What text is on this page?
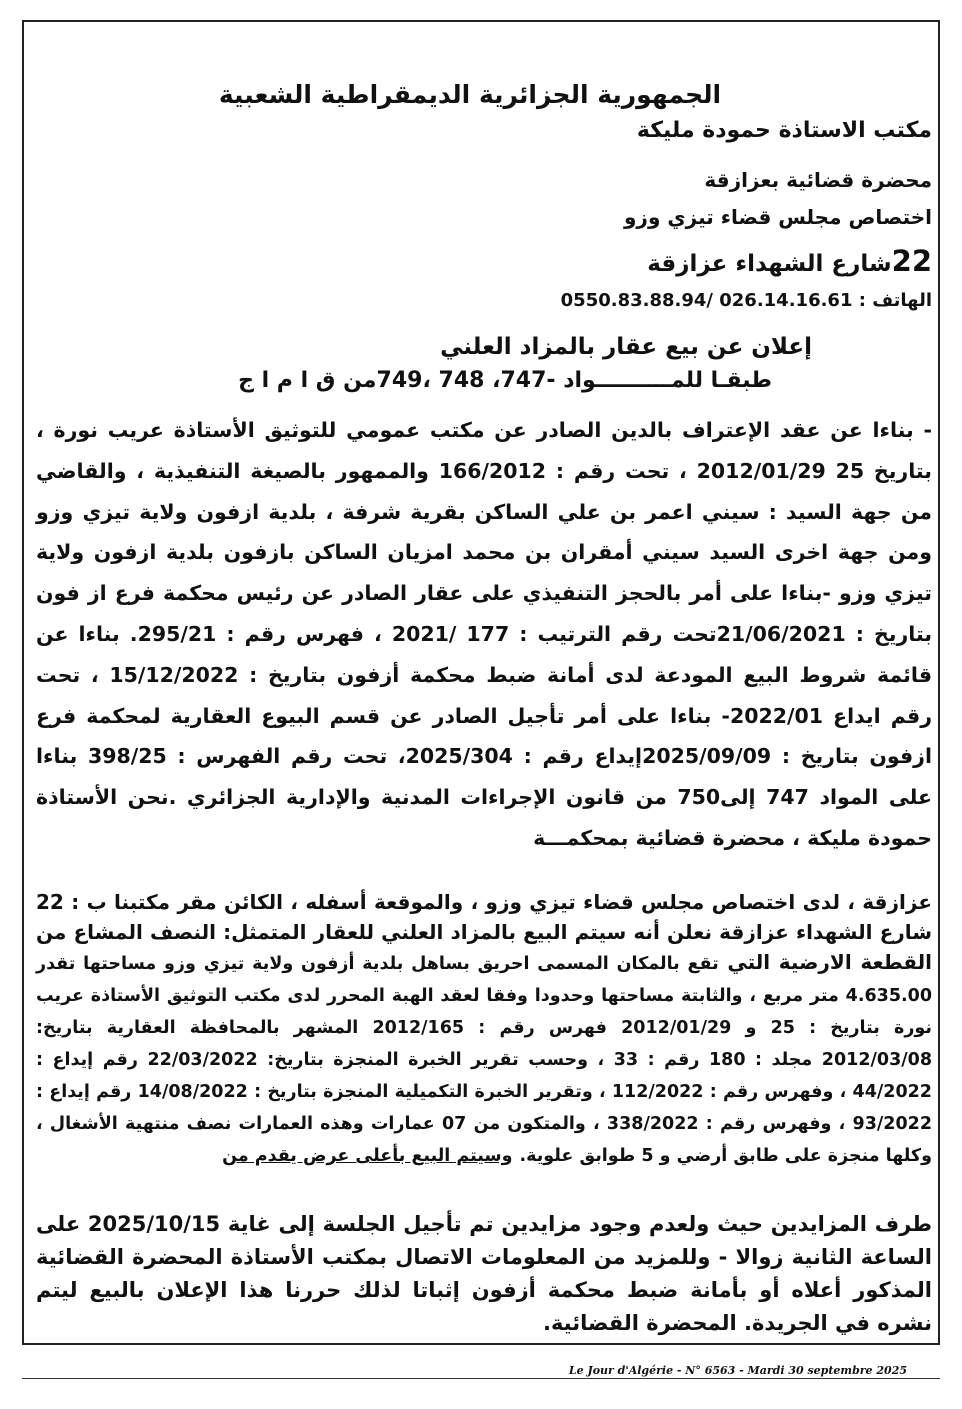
الجمهورية الجزائرية الديمقراطية الشعبية
مكتب الاستاذة حمودة مليكة
محضرة قضائية بعزازقة
اختصاص مجلس قضاء تيزي وزو
22شارع الشهداء عزازقة
الهاتف : 026.14.16.61 /0550.83.88.94
إعلان عن بيع عقار بالمزاد العلني
طبقـا للمــــــــــواد -747، 748 ،749من ق ا م ا ج
- بناءا عن عقد الإعتراف بالدين الصادر عن مكتب عمومي للتوثيق الأستاذة عريب نورة ، بتاريخ 25 2012/01/29 ، تحت رقم : 166/2012 والممهور بالصيغة التنفيذية ، والقاضي من جهة السيد : سيني اعمر بن علي الساكن بقرية شرفة ، بلدية ازفون ولاية تيزي وزو ومن جهة اخرى السيد سيني أمقران بن محمد امزيان الساكن بازفون بلدية ازفون ولاية تيزي وزو -بناءا على أمر بالحجز التنفيذي على عقار الصادر عن رئيس محكمة فرع از فون بتاريخ : 21/06/2021تحت رقم الترتيب : 177 /2021 ، فهرس رقم : 295/21. بناءا عن قائمة شروط البيع المودعة لدى أمانة ضبط محكمة أزفون بتاريخ : 15/12/2022 ، تحت رقم ايداع 2022/01- بناءا على أمر تأجيل الصادر عن قسم البيوع العقارية لمحكمة فرع ازفون بتاريخ : 2025/09/09إيداع رقم : 2025/304، تحت رقم الفهرس : 398/25 بناءا على المواد 747 إلى750 من قانون الإجراءات المدنية والإدارية الجزائري .نحن الأستاذة حمودة مليكة ، محضرة قضائية بمحكمـــة
عزازقة ، لدى اختصاص مجلس قضاء تيزي وزو ، والموقعة أسفله ، الكائن مقر مكتبنا ب : 22 شارع الشهداء عزازقة نعلن أنه سيتم البيع بالمزاد العلني للعقار المتمثل: النصف المشاع من القطعة الارضية التي تقع بالمكان المسمى احريق بساهل بلدية أزفون ولاية تيزي وزو مساحتها تقدر 4.635.00 متر مربع ، والثابتة مساحتها وحدودا وفقا لعقد الهبة المحرر لدى مكتب التوثيق الأستاذة عريب نورة بتاريخ : 25 و 2012/01/29 فهرس رقم : 2012/165 المشهر بالمحافظة العقارية بتاريخ: 2012/03/08 مجلد : 180 رقم : 33 ، وحسب تقرير الخبرة المنجزة بتاريخ: 22/03/2022 رقم إيداع : 44/2022 ، وفهرس رقم : 112/2022 ، وتقرير الخبرة التكميلية المنجزة بتاريخ : 14/08/2022 رقم إيداع : 93/2022 ، وفهرس رقم : 338/2022 ، والمتكون من 07 عمارات وهذه العمارات نصف منتهية الأشغال ، وكلها منجزة على طابق أرضي و 5 طوابق علوية. وسيتم البيع بأعلى عرض يقدم من
طرف المزايدين حيث ولعدم وجود مزايدين تم تأجيل الجلسة إلى غاية 2025/10/15 على الساعة الثانية زوالا - وللمزيد من المعلومات الاتصال بمكتب الأستاذة المحضرة القضائية المذكور أعلاه أو بأمانة ضبط محكمة أزفون إثباتا لذلك حررنا هذا الإعلان بالبيع ليتم نشره في الجريدة. المحضرة القضائية.
Le Jour d'Algérie - N° 6563 - Mardi 30 septembre 2025
